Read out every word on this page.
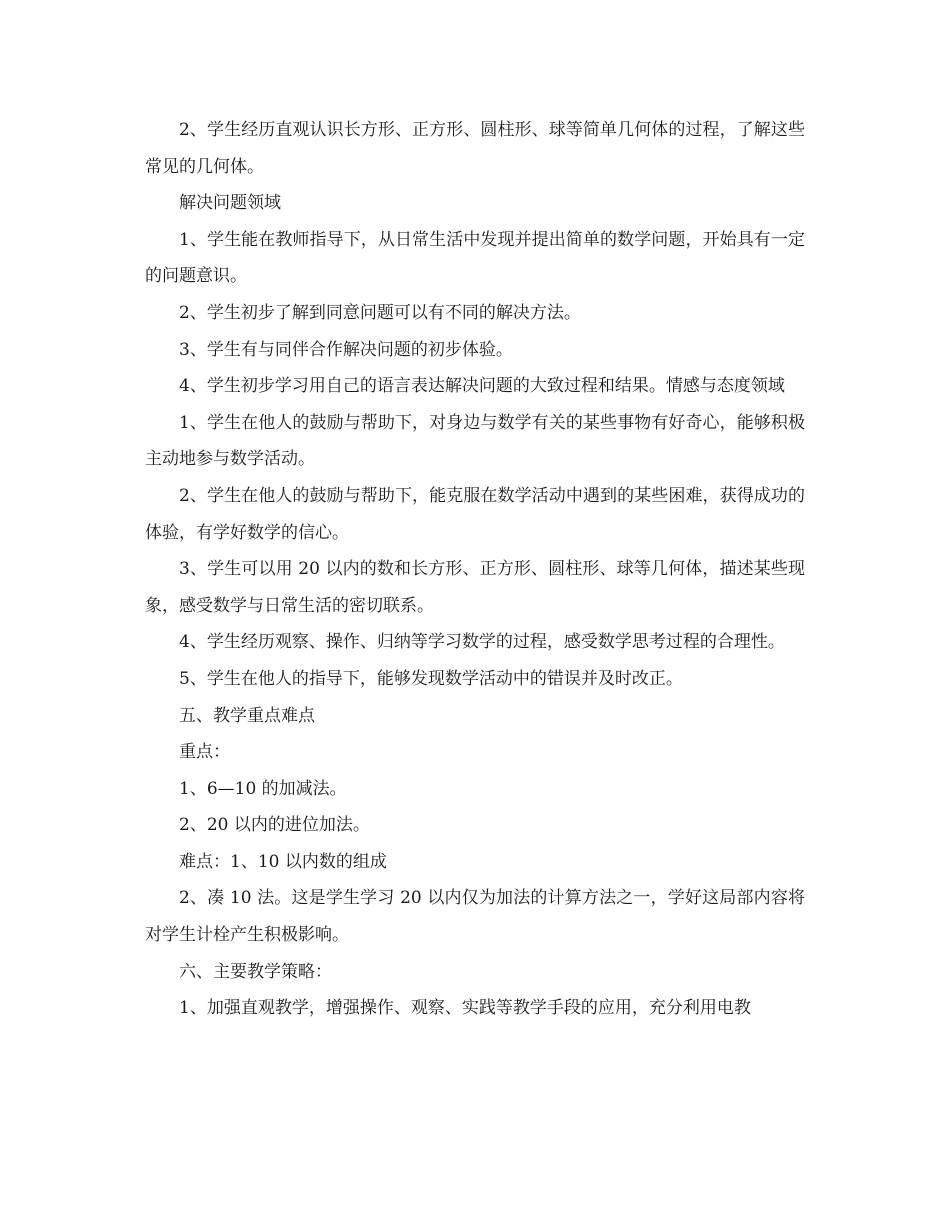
2、学生经历直观认识长方形、正方形、圆柱形、球等简单几何体的过程，了解这些常见的几何体。

解决问题领域

1、学生能在教师指导下，从日常生活中发现并提出简单的数学问题，开始具有一定的问题意识。

2、学生初步了解到同意问题可以有不同的解决方法。

3、学生有与同伴合作解决问题的初步体验。

4、学生初步学习用自己的语言表达解决问题的大致过程和结果。情感与态度领域

1、学生在他人的鼓励与帮助下，对身边与数学有关的某些事物有好奇心，能够积极主动地参与数学活动。

2、学生在他人的鼓励与帮助下，能克服在数学活动中遇到的某些困难，获得成功的体验，有学好数学的信心。

3、学生可以用 20 以内的数和长方形、正方形、圆柱形、球等几何体，描述某些现象，感受数学与日常生活的密切联系。

4、学生经历观察、操作、归纳等学习数学的过程，感受数学思考过程的合理性。

5、学生在他人的指导下，能够发现数学活动中的错误并及时改正。

五、教学重点难点

重点：

1、6—10 的加减法。

2、20 以内的进位加法。

难点：1、10 以内数的组成

2、凑 10 法。这是学生学习 20 以内仅为加法的计算方法之一，学好这局部内容将对学生计栓产生积极影响。

六、主要教学策略：

1、加强直观教学，增强操作、观察、实践等教学手段的应用，充分利用电教
